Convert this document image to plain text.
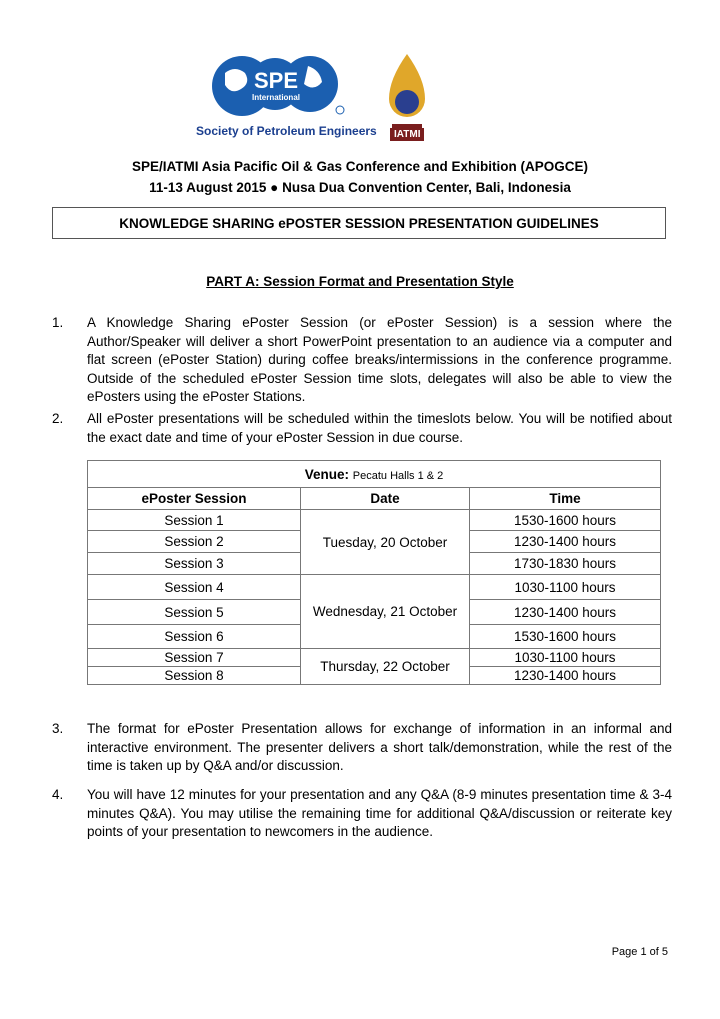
SPE
International
Society of Petroleum Engineers	IATMI
SPE/IATMI Asia Pacific Oil & Gas Conference and Exhibition (APOGCE)
11-13 August 2015 ● Nusa Dua Convention Center, Bali, Indonesia
KNOWLEDGE SHARING ePOSTER SESSION PRESENTATION GUIDELINES
PART A: Session Format and Presentation Style
1. A Knowledge Sharing ePoster Session (or ePoster Session) is a session where the Author/Speaker will deliver a short PowerPoint presentation to an audience via a computer and flat screen (ePoster Station) during coffee breaks/intermissions in the conference programme. Outside of the scheduled ePoster Session time slots, delegates will also be able to view the ePosters using the ePoster Stations.
2. All ePoster presentations will be scheduled within the timeslots below. You will be notified about the exact date and time of your ePoster Session in due course.
Venue: Pecatu Halls 1 & 2		
ePoster Session	Date	Time
Session 1	Tuesday, 20 October	1530-1600 hours
Session 2		1230-1400 hours
Session 3		1730-1830 hours
Session 4	Wednesday, 21 October	1030-1100 hours
Session 5		1230-1400 hours
Session 6		1530-1600 hours
Session 7	Thursday, 22 October	1030-1100 hours
Session 8		1230-1400 hours
3. The format for ePoster Presentation allows for exchange of information in an informal and interactive environment. The presenter delivers a short talk/demonstration, while the rest of the time is taken up by Q&A and/or discussion.
4. You will have 12 minutes for your presentation and any Q&A (8-9 minutes presentation time & 3-4 minutes Q&A). You may utilise the remaining time for additional Q&A/discussion or reiterate key points of your presentation to newcomers in the audience.
Page 1 of 5
